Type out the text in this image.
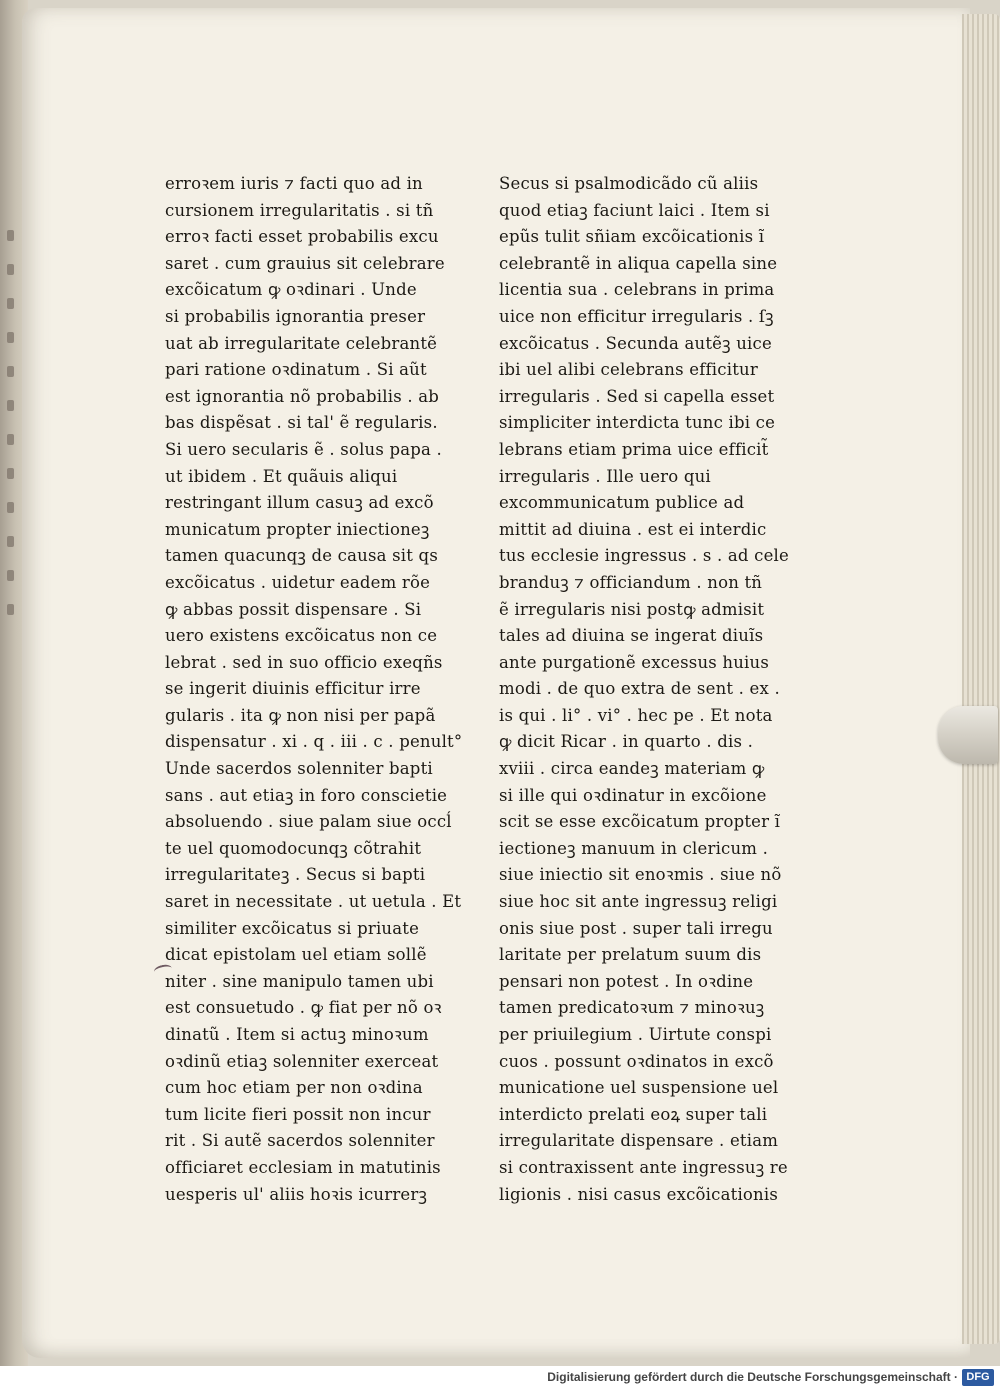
erroꝛem iuris ⁊ facti quo ad in
cursionem irregularitatis . si tñ
erroꝛ facti esset probabilis excu
saret . cum grauius sit celebrare
excõicatum ꝙ oꝛdinari . Unde
si probabilis ignorantia preser
uat ab irregularitate celebrantẽ
pari ratione oꝛdinatum . Si aũt
est ignorantia nõ probabilis . ab
bas dispẽsat . si tal' ẽ regularis.
Si uero secularis ẽ . solus papa .
ut ibidem . Et quãuis aliqui
restringant illum casuꝫ ad excõ
municatum propter iniectioneꝫ
tamen quacunqꝫ de causa sit qs
excõicatus . uidetur eadem rõe
ꝙ abbas possit dispensare . Si
uero existens excõicatus non ce
lebrat . sed in suo officio exeqñs
se ingerit diuinis efficitur irre
gularis . ita ꝙ non nisi per papã
dispensatur . xi . q . iii . c . penult°
Unde sacerdos solenniter bapti
sans . aut etiaꝫ in foro conscietie
absoluendo . siue palam siue occĺ
te uel quomodocunqꝫ cõtrahit
irregularitateꝫ . Secus si bapti
saret in necessitate . ut uetula . Et
similiter excõicatus si priuate
dicat epistolam uel etiam sollẽ
niter . sine manipulo tamen ubi
est consuetudo . ꝙ fiat per nõ oꝛ
dinatũ . Item si actuꝫ minoꝛum
oꝛdinũ etiaꝫ solenniter exerceat
cum hoc etiam per non oꝛdina
tum licite fieri possit non incur
rit . Si autẽ sacerdos solenniter
officiaret ecclesiam in matutinis
uesperis ul' aliis hoꝛis icurrerꝫ
Secus si psalmodicãdo cũ aliis
quod etiaꝫ faciunt laici . Item si
epũs tulit sñiam excõicationis ĩ
celebrantẽ in aliqua capella sine
licentia sua . celebrans in prima
uice non efficitur irregularis . ſꝫ
excõicatus . Secunda autẽꝫ uice
ibi uel alibi celebrans efficitur
irregularis . Sed si capella esset
simpliciter interdicta tunc ibi ce
lebrans etiam prima uice efficit̃
irregularis . Ille uero qui
excommunicatum publice ad
mittit ad diuina . est ei interdic
tus ecclesie ingressus . s . ad cele
branduꝫ ⁊ officiandum . non tñ
ẽ irregularis nisi postꝙ admisit
tales ad diuina se ingerat diuĩs
ante purgationẽ excessus huius
modi . de quo extra de sent . ex .
is qui . li° . vi° . hec pe . Et nota
ꝙ dicit Ricar . in quarto . dis .
xviii . circa eandeꝫ materiam ꝙ
si ille qui oꝛdinatur in excõione
scit se esse excõicatum propter ĩ
iectioneꝫ manuum in clericum .
siue iniectio sit enoꝛmis . siue nõ
siue hoc sit ante ingressuꝫ religi
onis siue post . super tali irregu
laritate per prelatum suum dis
pensari non potest . In oꝛdine
tamen predicatoꝛum ⁊ minoꝛuꝫ
per priuilegium . Uirtute conspi
cuos . possunt oꝛdinatos in excõ
municatione uel suspensione uel
interdicto prelati eoꝝ super tali
irregularitate dispensare . etiam
si contraxissent ante ingressuꝫ re
ligionis . nisi casus excõicationis
Digitalisierung gefördert durch die Deutsche Forschungsgemeinschaft · DFG
